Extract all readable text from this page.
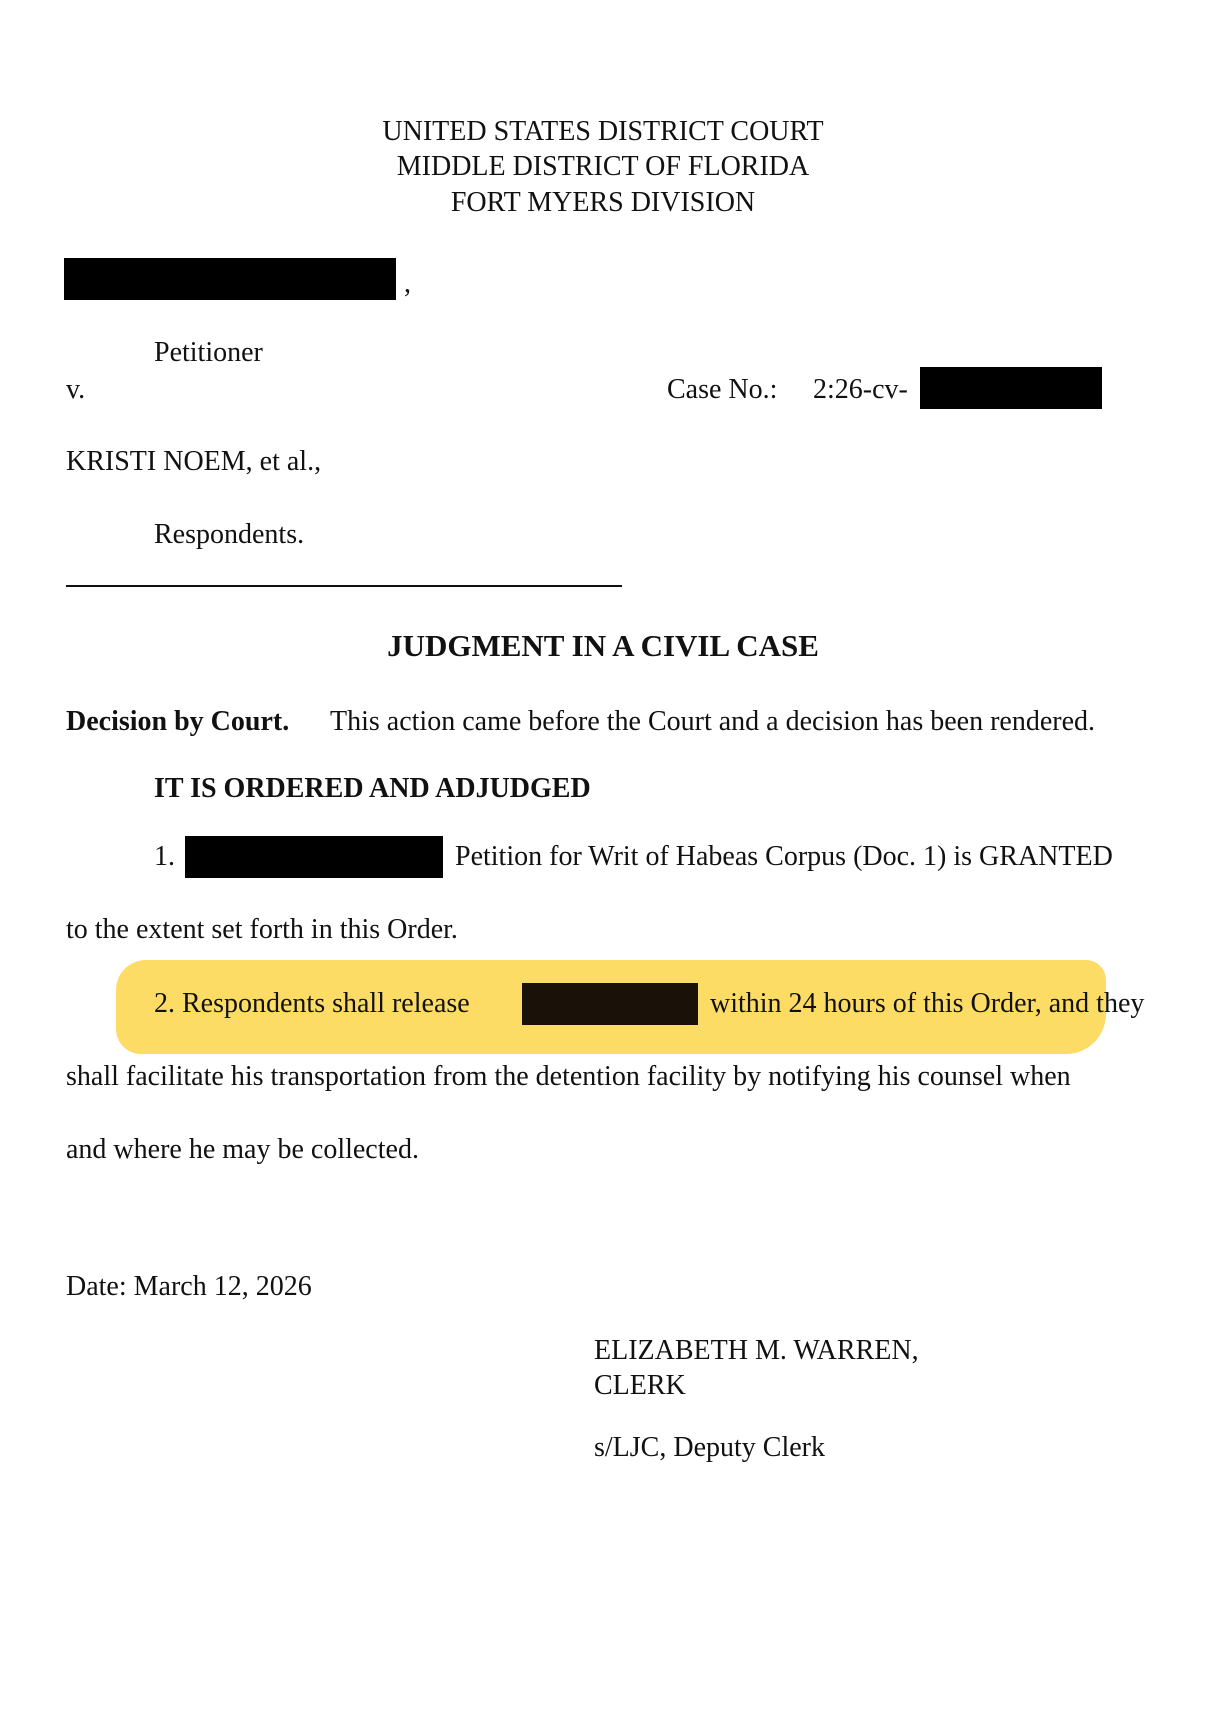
UNITED STATES DISTRICT COURT
MIDDLE DISTRICT OF FLORIDA
FORT MYERS DIVISION
,
Petitioner
v.	Case No.: 2:26-cv-
KRISTI NOEM, et al.,
Respondents.
JUDGMENT IN A CIVIL CASE
Decision by Court. This action came before the Court and a decision has been rendered.
IT IS ORDERED AND ADJUDGED
1.	Petition for Writ of Habeas Corpus (Doc. 1) is GRANTED
to the extent set forth in this Order.
2. Respondents shall release	within 24 hours of this Order, and they
shall facilitate his transportation from the detention facility by notifying his counsel when
and where he may be collected.
Date: March 12, 2026
ELIZABETH M. WARREN,
CLERK
s/LJC, Deputy Clerk
